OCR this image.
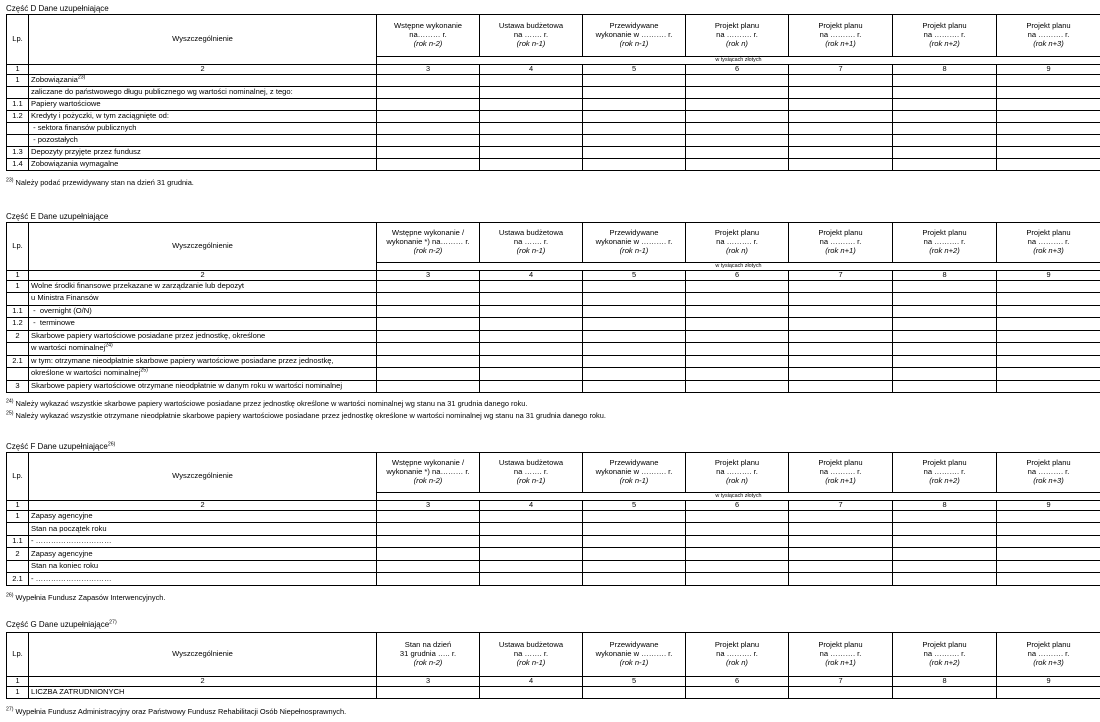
Część D Dane uzupełniające
Lp.	Wyszczególnienie	Wstępne wykonanie
na……… r.
(rok n-2)	Ustawa budżetowa
na ……. r.
(rok n-1)	Przewidywane
wykonanie w ………. r.
(rok n-1)	Projekt planu
na ………. r.
(rok n)	Projekt planu
na ………. r.
(rok n+1)	Projekt planu
na ………. r.
(rok n+2)	Projekt planu
na ………. r.
(rok n+3)

		w tysiącach złotych						
1	2	3	4	5	6	7	8	9
1	Zobowiązania$^{23)}$							
	zaliczane do państwowego długu publicznego wg wartości nominalnej, z tego:							
1.1	Papiery wartościowe							
1.2	Kredyty i pożyczki, w tym zaciągnięte od:							
	- sektora finansów publicznych							
	- pozostałych							
1.3	Depozyty przyjęte przez fundusz							
1.4	Zobowiązania wymagalne							
$^{23)}$ Należy podać przewidywany stan na dzień 31 grudnia.
Część E Dane uzupełniające
Lp.	Wyszczególnienie	Wstępne wykonanie /
wykonanie *) na……… r.
(rok n-2)	Ustawa budżetowa
na ……. r.
(rok n-1)	Przewidywane
wykonanie w ………. r.
(rok n-1)	Projekt planu
na ………. r.
(rok n)	Projekt planu
na ………. r.
(rok n+1)	Projekt planu
na ………. r.
(rok n+2)	Projekt planu
na ………. r.
(rok n+3)

		w tysiącach złotych						
1	2	3	4	5	6	7	8	9
1	Wolne środki finansowe przekazane w zarządzanie lub depozyt							
	u Ministra Finansów							
1.1	-  overnight (O/N)							
1.2	-  terminowe							
2	Skarbowe papiery wartościowe posiadane przez jednostkę, określone							
	w wartości nominalnej$^{24)}$							
2.1	w tym: otrzymane nieodpłatnie skarbowe papiery wartościowe posiadane przez jednostkę,							
	określone w wartości nominalnej$^{25)}$							
3	Skarbowe papiery wartościowe otrzymane nieodpłatnie w danym roku w wartości nominalnej							
$^{24)}$ Należy wykazać wszystkie skarbowe papiery wartościowe posiadane przez jednostkę określone w wartości nominalnej wg stanu na 31 grudnia danego roku.
$^{25)}$ Należy wykazać wszystkie otrzymane nieodpłatnie skarbowe papiery wartościowe posiadane przez jednostkę określone w wartości nominalnej wg stanu na 31 grudnia danego roku.
Część F Dane uzupełniające$^{26)}$
Lp.	Wyszczególnienie	Wstępne wykonanie /
wykonanie *) na……… r.
(rok n-2)	Ustawa budżetowa
na ……. r.
(rok n-1)	Przewidywane
wykonanie w ………. r.
(rok n-1)	Projekt planu
na ………. r.
(rok n)	Projekt planu
na ………. r.
(rok n+1)	Projekt planu
na ………. r.
(rok n+2)	Projekt planu
na ………. r.
(rok n+3)

		w tysiącach złotych						
1	2	3	4	5	6	7	8	9
1	Zapasy agencyjne							
	Stan na początek roku							
1.1	- …………………………							
2	Zapasy agencyjne							
	Stan na koniec roku							
2.1	- …………………………							
$^{26)}$ Wypełnia Fundusz Zapasów Interwencyjnych.
Część G Dane uzupełniające$^{27)}$
Lp.	Wyszczególnienie	Stan na dzień
31 grudnia ….. r.
(rok n-2)	Ustawa budżetowa
na ……. r.
(rok n-1)	Przewidywane
wykonanie w ………. r.
(rok n-1)	Projekt planu
na ………. r.
(rok n)	Projekt planu
na ………. r.
(rok n+1)	Projekt planu
na ………. r.
(rok n+2)	Projekt planu
na ………. r.
(rok n+3)

1	2	3	4	5	6	7	8	9
1	LICZBA ZATRUDNIONYCH							
$^{27)}$ Wypełnia Fundusz Administracyjny oraz Państwowy Fundusz Rehabilitacji Osób Niepełnosprawnych.
